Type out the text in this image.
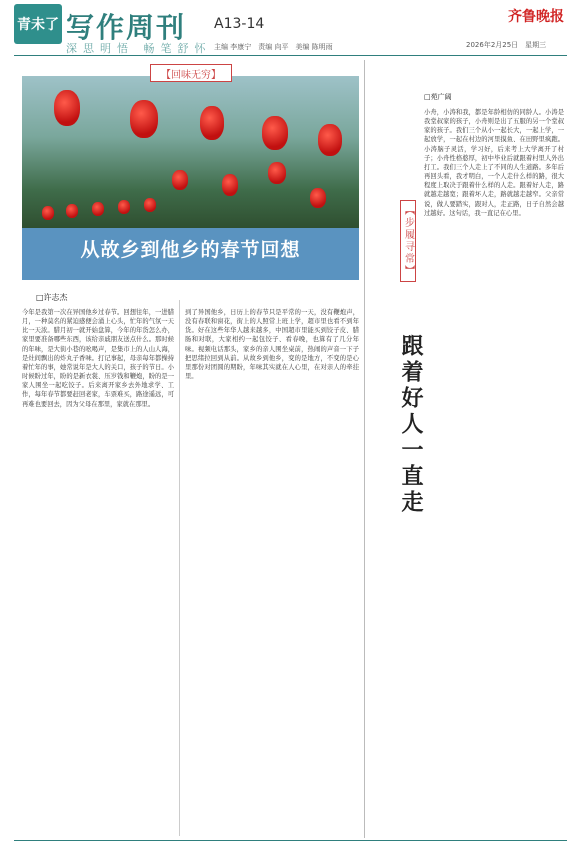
青未了 写作周刊 A13-14
深思明悟 畅笔舒怀 主编 李康宁　责编 向平　美编 陈明雨
齐鲁晚报
2026年2月25日　星期三
【回味无穷】
从故乡到他乡的春节回想
□许志杰
今年是我第一次在异国他乡过春节。回想往年，一进腊月，一种莫名的紧迫感便会涌上心头，忙年的气氛一天比一天浓。腊月初一就开始盘算，今年的年货怎么办，家里要准备哪些东西，该给亲戚朋友送点什么。那时候的年味，是大街小巷的吆喝声，是集市上的人山人海，是灶间飘出的炸丸子香味。打记事起，母亲每年都操持着忙年的事，她常说年是大人的关口，孩子的节日。小时候盼过年，盼的是新衣裳、压岁钱和鞭炮，盼的是一家人围坐一起吃饺子。后来离开家乡去外地求学、工作，每年春节都要赶回老家，车票难买，路途遥远，可再难也要回去，因为父母在那里，家就在那里。
到了异国他乡，日历上的春节只是平常的一天，没有鞭炮声，没有春联和窗花，街上的人照常上班上学，超市里也看不到年货。好在这些年华人越来越多，中国超市里能买到饺子皮、腊肠和对联，大家相约一起包饺子、看春晚，也算有了几分年味。视频电话那头，家乡的亲人围坐桌前，热闹的声音一下子把思绪拉回到从前。从故乡到他乡，变的是地方，不变的是心里那份对团圆的期盼，年味其实就在人心里，在对亲人的牵挂里。
【步履寻常】
跟着好人一直走
□苑广阔
小舟，小涛和我，都是年龄相仿的同龄人。小涛是我堂叔家的孩子，小舟则是出了五服的另一个堂叔家的孩子。我们三个从小一起长大，一起上学，一起放学，一起在村边的河里摸鱼、在田野里疯跑。小涛脑子灵活，学习好，后来考上大学离开了村子；小舟性格憨厚，初中毕业后就跟着村里人外出打工。我们三个人走上了不同的人生道路。多年后再回头看，我才明白，一个人走什么样的路，很大程度上取决于跟着什么样的人走。跟着好人走，路就越走越宽；跟着坏人走，路就越走越窄。父亲常说，做人要踏实，跟对人，走正路，日子自然会越过越好。这句话，我一直记在心里。
